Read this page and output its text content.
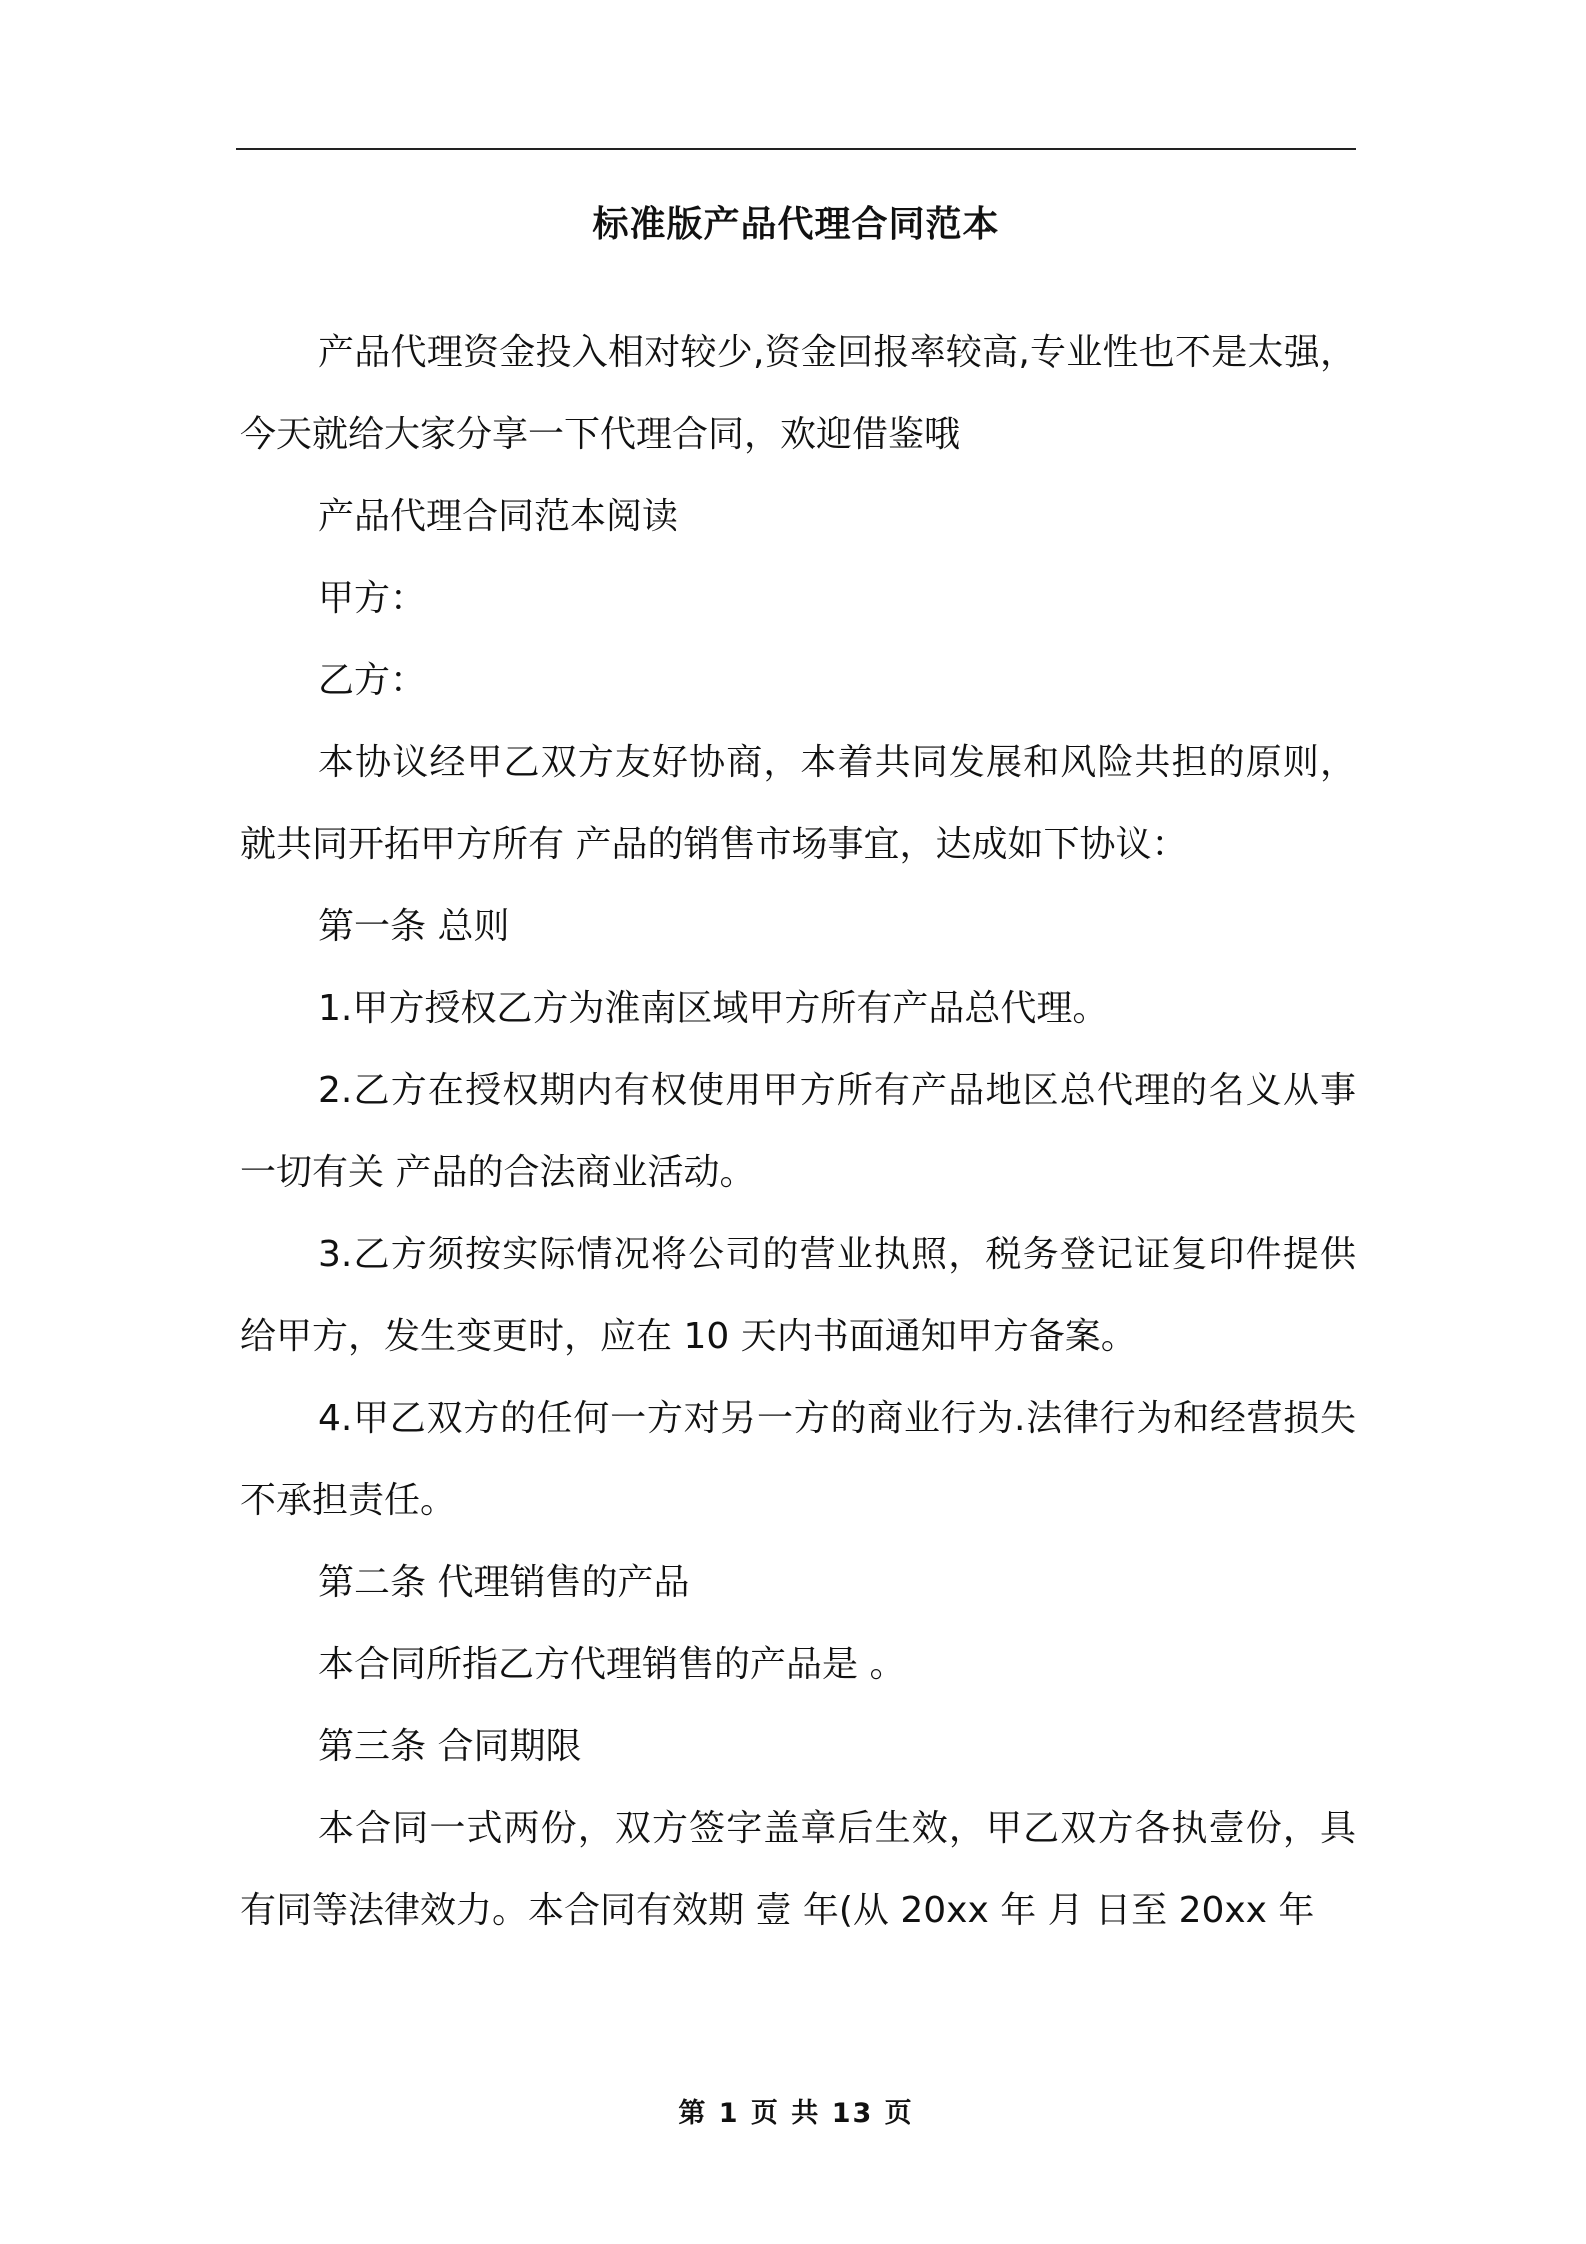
标准版产品代理合同范本

产品代理资金投入相对较少,资金回报率较高,专业性也不是太强，今天就给大家分享一下代理合同，欢迎借鉴哦

产品代理合同范本阅读

甲方：

乙方：

本协议经甲乙双方友好协商，本着共同发展和风险共担的原则，就共同开拓甲方所有 产品的销售市场事宜，达成如下协议：

第一条 总则

1.甲方授权乙方为淮南区域甲方所有产品总代理。

2.乙方在授权期内有权使用甲方所有产品地区总代理的名义从事一切有关 产品的合法商业活动。

3.乙方须按实际情况将公司的营业执照，税务登记证复印件提供给甲方，发生变更时，应在 10 天内书面通知甲方备案。

4.甲乙双方的任何一方对另一方的商业行为.法律行为和经营损失不承担责任。

第二条 代理销售的产品

本合同所指乙方代理销售的产品是 。

第三条 合同期限

本合同一式两份，双方签字盖章后生效，甲乙双方各执壹份，具有同等法律效力。本合同有效期 壹 年(从 20xx 年 月 日至 20xx 年

第 1 页 共 13 页
